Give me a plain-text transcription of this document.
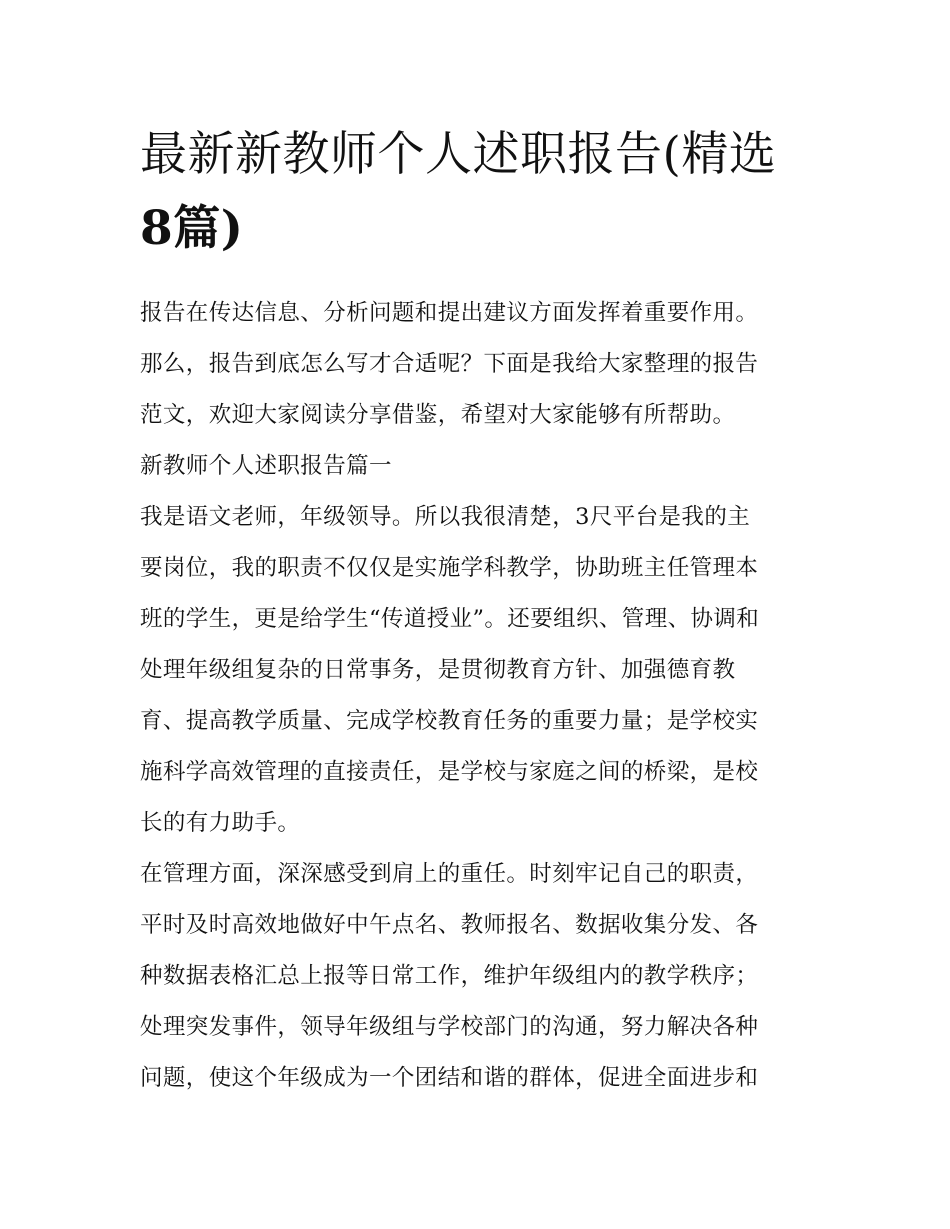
最新新教师个人述职报告(精选
8篇)

报告在传达信息、分析问题和提出建议方面发挥着重要作用。
那么，报告到底怎么写才合适呢？下面是我给大家整理的报告
范文，欢迎大家阅读分享借鉴，希望对大家能够有所帮助。

新教师个人述职报告篇一

我是语文老师，年级领导。所以我很清楚，3尺平台是我的主
要岗位，我的职责不仅仅是实施学科教学，协助班主任管理本
班的学生，更是给学生“传道授业”。还要组织、管理、协调和
处理年级组复杂的日常事务，是贯彻教育方针、加强德育教
育、提高教学质量、完成学校教育任务的重要力量；是学校实
施科学高效管理的直接责任，是学校与家庭之间的桥梁，是校
长的有力助手。

在管理方面，深深感受到肩上的重任。时刻牢记自己的职责，
平时及时高效地做好中午点名、教师报名、数据收集分发、各
种数据表格汇总上报等日常工作，维护年级组内的教学秩序；
处理突发事件，领导年级组与学校部门的沟通，努力解决各种
问题，使这个年级成为一个团结和谐的群体，促进全面进步和
